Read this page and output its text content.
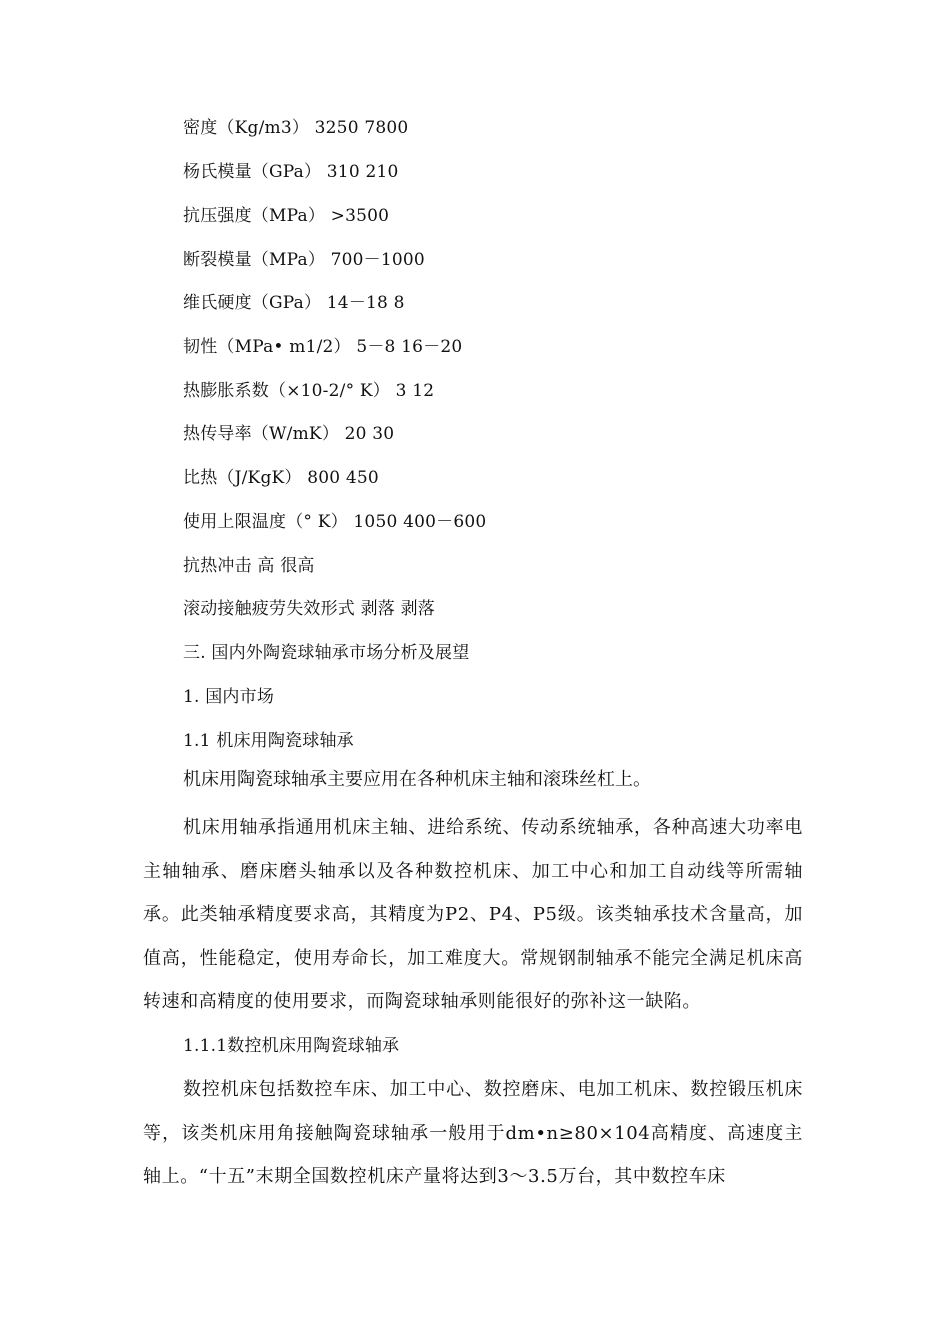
密度（Kg/m3） 3250 7800
杨氏模量（GPa） 310 210
抗压强度（MPa） >3500
断裂模量（MPa） 700－1000
维氏硬度（GPa） 14－18 8
韧性（MPa• m1/2） 5－8 16－20
热膨胀系数（×10-2/° K） 3 12
热传导率（W/mK） 20 30
比热（J/KgK） 800 450
使用上限温度（° K） 1050 400－600
抗热冲击 高 很高
滚动接触疲劳失效形式 剥落 剥落
三. 国内外陶瓷球轴承市场分析及展望
1. 国内市场
1.1 机床用陶瓷球轴承
机床用陶瓷球轴承主要应用在各种机床主轴和滚珠丝杠上。
机床用轴承指通用机床主轴、进给系统、传动系统轴承，各种高速大功率电主轴轴承、磨床磨头轴承以及各种数控机床、加工中心和加工自动线等所需轴承。此类轴承精度要求高，其精度为P2、P4、P5级。该类轴承技术含量高，加值高，性能稳定，使用寿命长，加工难度大。常规钢制轴承不能完全满足机床高转速和高精度的使用要求，而陶瓷球轴承则能很好的弥补这一缺陷。
1.1.1数控机床用陶瓷球轴承
数控机床包括数控车床、加工中心、数控磨床、电加工机床、数控锻压机床等，该类机床用角接触陶瓷球轴承一般用于dm•n≥80×104高精度、高速度主轴上。“十五”末期全国数控机床产量将达到3～3.5万台，其中数控车床
